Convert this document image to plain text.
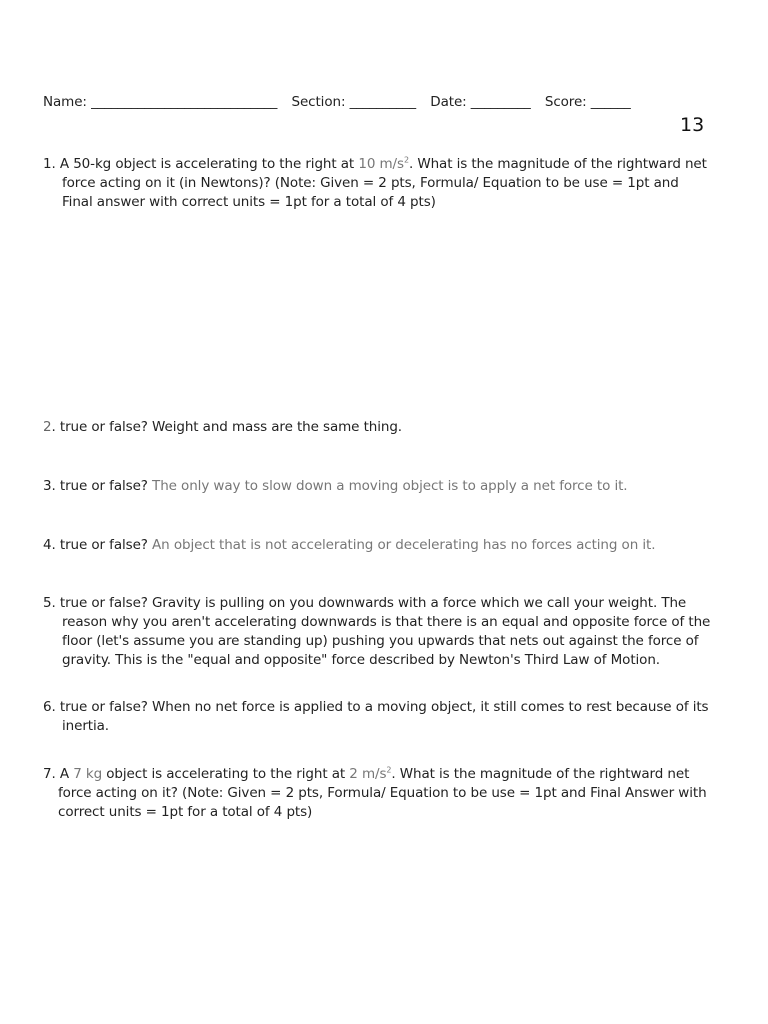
Name: ____________________________ Section: __________ Date: _________ Score: ______
13
1. A 50-kg object is accelerating to the right at 10 $m/s^2$. What is the magnitude of the rightward net
force acting on it (in Newtons)? (Note: Given = 2 pts, Formula/ Equation to be use = 1pt and
Final answer with correct units = 1pt for a total of 4 pts)
2. true or false? Weight and mass are the same thing.
3. true or false? The only way to slow down a moving object is to apply a net force to it.
4. true or false? An object that is not accelerating or decelerating has no forces acting on it.
5. true or false? Gravity is pulling on you downwards with a force which we call your weight. The
reason why you aren't accelerating downwards is that there is an equal and opposite force of the
floor (let's assume you are standing up) pushing you upwards that nets out against the force of
gravity. This is the "equal and opposite" force described by Newton's Third Law of Motion.
6. true or false? When no net force is applied to a moving object, it still comes to rest because of its
inertia.
7. A 7 kg object is accelerating to the right at 2 $m/s^2$. What is the magnitude of the rightward net
force acting on it? (Note: Given = 2 pts, Formula/ Equation to be use = 1pt and Final Answer with
correct units = 1pt for a total of 4 pts)
